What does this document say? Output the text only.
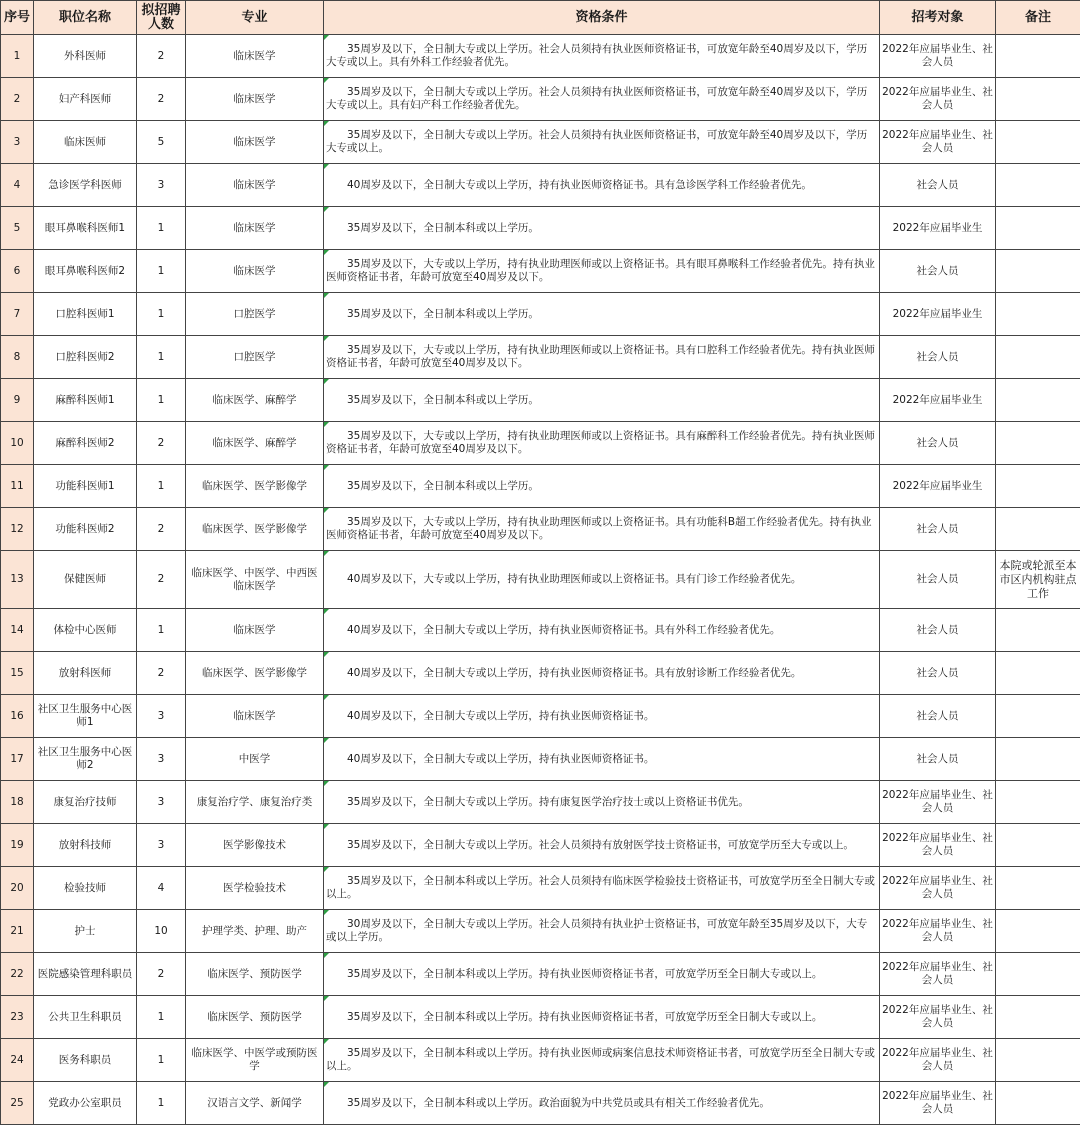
序号	职位名称	拟招聘人数	专业	资格条件	招考对象	备注
1	外科医师	2	临床医学	35周岁及以下，全日制大专或以上学历。社会人员须持有执业医师资格证书，可放宽年龄至40周岁及以下，学历大专或以上。具有外科工作经验者优先。	2022年应届毕业生、社会人员	
2	妇产科医师	2	临床医学	35周岁及以下，全日制大专或以上学历。社会人员须持有执业医师资格证书，可放宽年龄至40周岁及以下，学历大专或以上。具有妇产科工作经验者优先。	2022年应届毕业生、社会人员	
3	临床医师	5	临床医学	35周岁及以下，全日制大专或以上学历。社会人员须持有执业医师资格证书，可放宽年龄至40周岁及以下，学历大专或以上。	2022年应届毕业生、社会人员	
4	急诊医学科医师	3	临床医学	40周岁及以下，全日制大专或以上学历，持有执业医师资格证书。具有急诊医学科工作经验者优先。	社会人员	
5	眼耳鼻喉科医师1	1	临床医学	35周岁及以下，全日制本科或以上学历。	2022年应届毕业生	
6	眼耳鼻喉科医师2	1	临床医学	35周岁及以下，大专或以上学历，持有执业助理医师或以上资格证书。具有眼耳鼻喉科工作经验者优先。持有执业医师资格证书者，年龄可放宽至40周岁及以下。	社会人员	
7	口腔科医师1	1	口腔医学	35周岁及以下，全日制本科或以上学历。	2022年应届毕业生	
8	口腔科医师2	1	口腔医学	35周岁及以下，大专或以上学历，持有执业助理医师或以上资格证书。具有口腔科工作经验者优先。持有执业医师资格证书者，年龄可放宽至40周岁及以下。	社会人员	
9	麻醉科医师1	1	临床医学、麻醉学	35周岁及以下，全日制本科或以上学历。	2022年应届毕业生	
10	麻醉科医师2	2	临床医学、麻醉学	35周岁及以下，大专或以上学历，持有执业助理医师或以上资格证书。具有麻醉科工作经验者优先。持有执业医师资格证书者，年龄可放宽至40周岁及以下。	社会人员	
11	功能科医师1	1	临床医学、医学影像学	35周岁及以下，全日制本科或以上学历。	2022年应届毕业生	
12	功能科医师2	2	临床医学、医学影像学	35周岁及以下，大专或以上学历，持有执业助理医师或以上资格证书。具有功能科B超工作经验者优先。持有执业医师资格证书者，年龄可放宽至40周岁及以下。	社会人员	
13	保健医师	2	临床医学、中医学、中西医临床医学	40周岁及以下，大专或以上学历，持有执业助理医师或以上资格证书。具有门诊工作经验者优先。	社会人员	本院或轮派至本市区内机构驻点工作
14	体检中心医师	1	临床医学	40周岁及以下，全日制大专或以上学历，持有执业医师资格证书。具有外科工作经验者优先。	社会人员	
15	放射科医师	2	临床医学、医学影像学	40周岁及以下，全日制大专或以上学历，持有执业医师资格证书。具有放射诊断工作经验者优先。	社会人员	
16	社区卫生服务中心医师1	3	临床医学	40周岁及以下，全日制大专或以上学历，持有执业医师资格证书。	社会人员	
17	社区卫生服务中心医师2	3	中医学	40周岁及以下，全日制大专或以上学历，持有执业医师资格证书。	社会人员	
18	康复治疗技师	3	康复治疗学、康复治疗类	35周岁及以下，全日制大专或以上学历。持有康复医学治疗技士或以上资格证书优先。	2022年应届毕业生、社会人员	
19	放射科技师	3	医学影像技术	35周岁及以下，全日制大专或以上学历。社会人员须持有放射医学技士资格证书，可放宽学历至大专或以上。	2022年应届毕业生、社会人员	
20	检验技师	4	医学检验技术	35周岁及以下，全日制本科或以上学历。社会人员须持有临床医学检验技士资格证书，可放宽学历至全日制大专或以上。	2022年应届毕业生、社会人员	
21	护士	10	护理学类、护理、助产	30周岁及以下，全日制大专或以上学历。社会人员须持有执业护士资格证书，可放宽年龄至35周岁及以下，大专或以上学历。	2022年应届毕业生、社会人员	
22	医院感染管理科职员	2	临床医学、预防医学	35周岁及以下，全日制本科或以上学历。持有执业医师资格证书者，可放宽学历至全日制大专或以上。	2022年应届毕业生、社会人员	
23	公共卫生科职员	1	临床医学、预防医学	35周岁及以下，全日制本科或以上学历。持有执业医师资格证书者，可放宽学历至全日制大专或以上。	2022年应届毕业生、社会人员	
24	医务科职员	1	临床医学、中医学或预防医学	35周岁及以下，全日制本科或以上学历。持有执业医师或病案信息技术师资格证书者，可放宽学历至全日制大专或以上。	2022年应届毕业生、社会人员	
25	党政办公室职员	1	汉语言文学、新闻学	35周岁及以下，全日制本科或以上学历。政治面貌为中共党员或具有相关工作经验者优先。	2022年应届毕业生、社会人员	
